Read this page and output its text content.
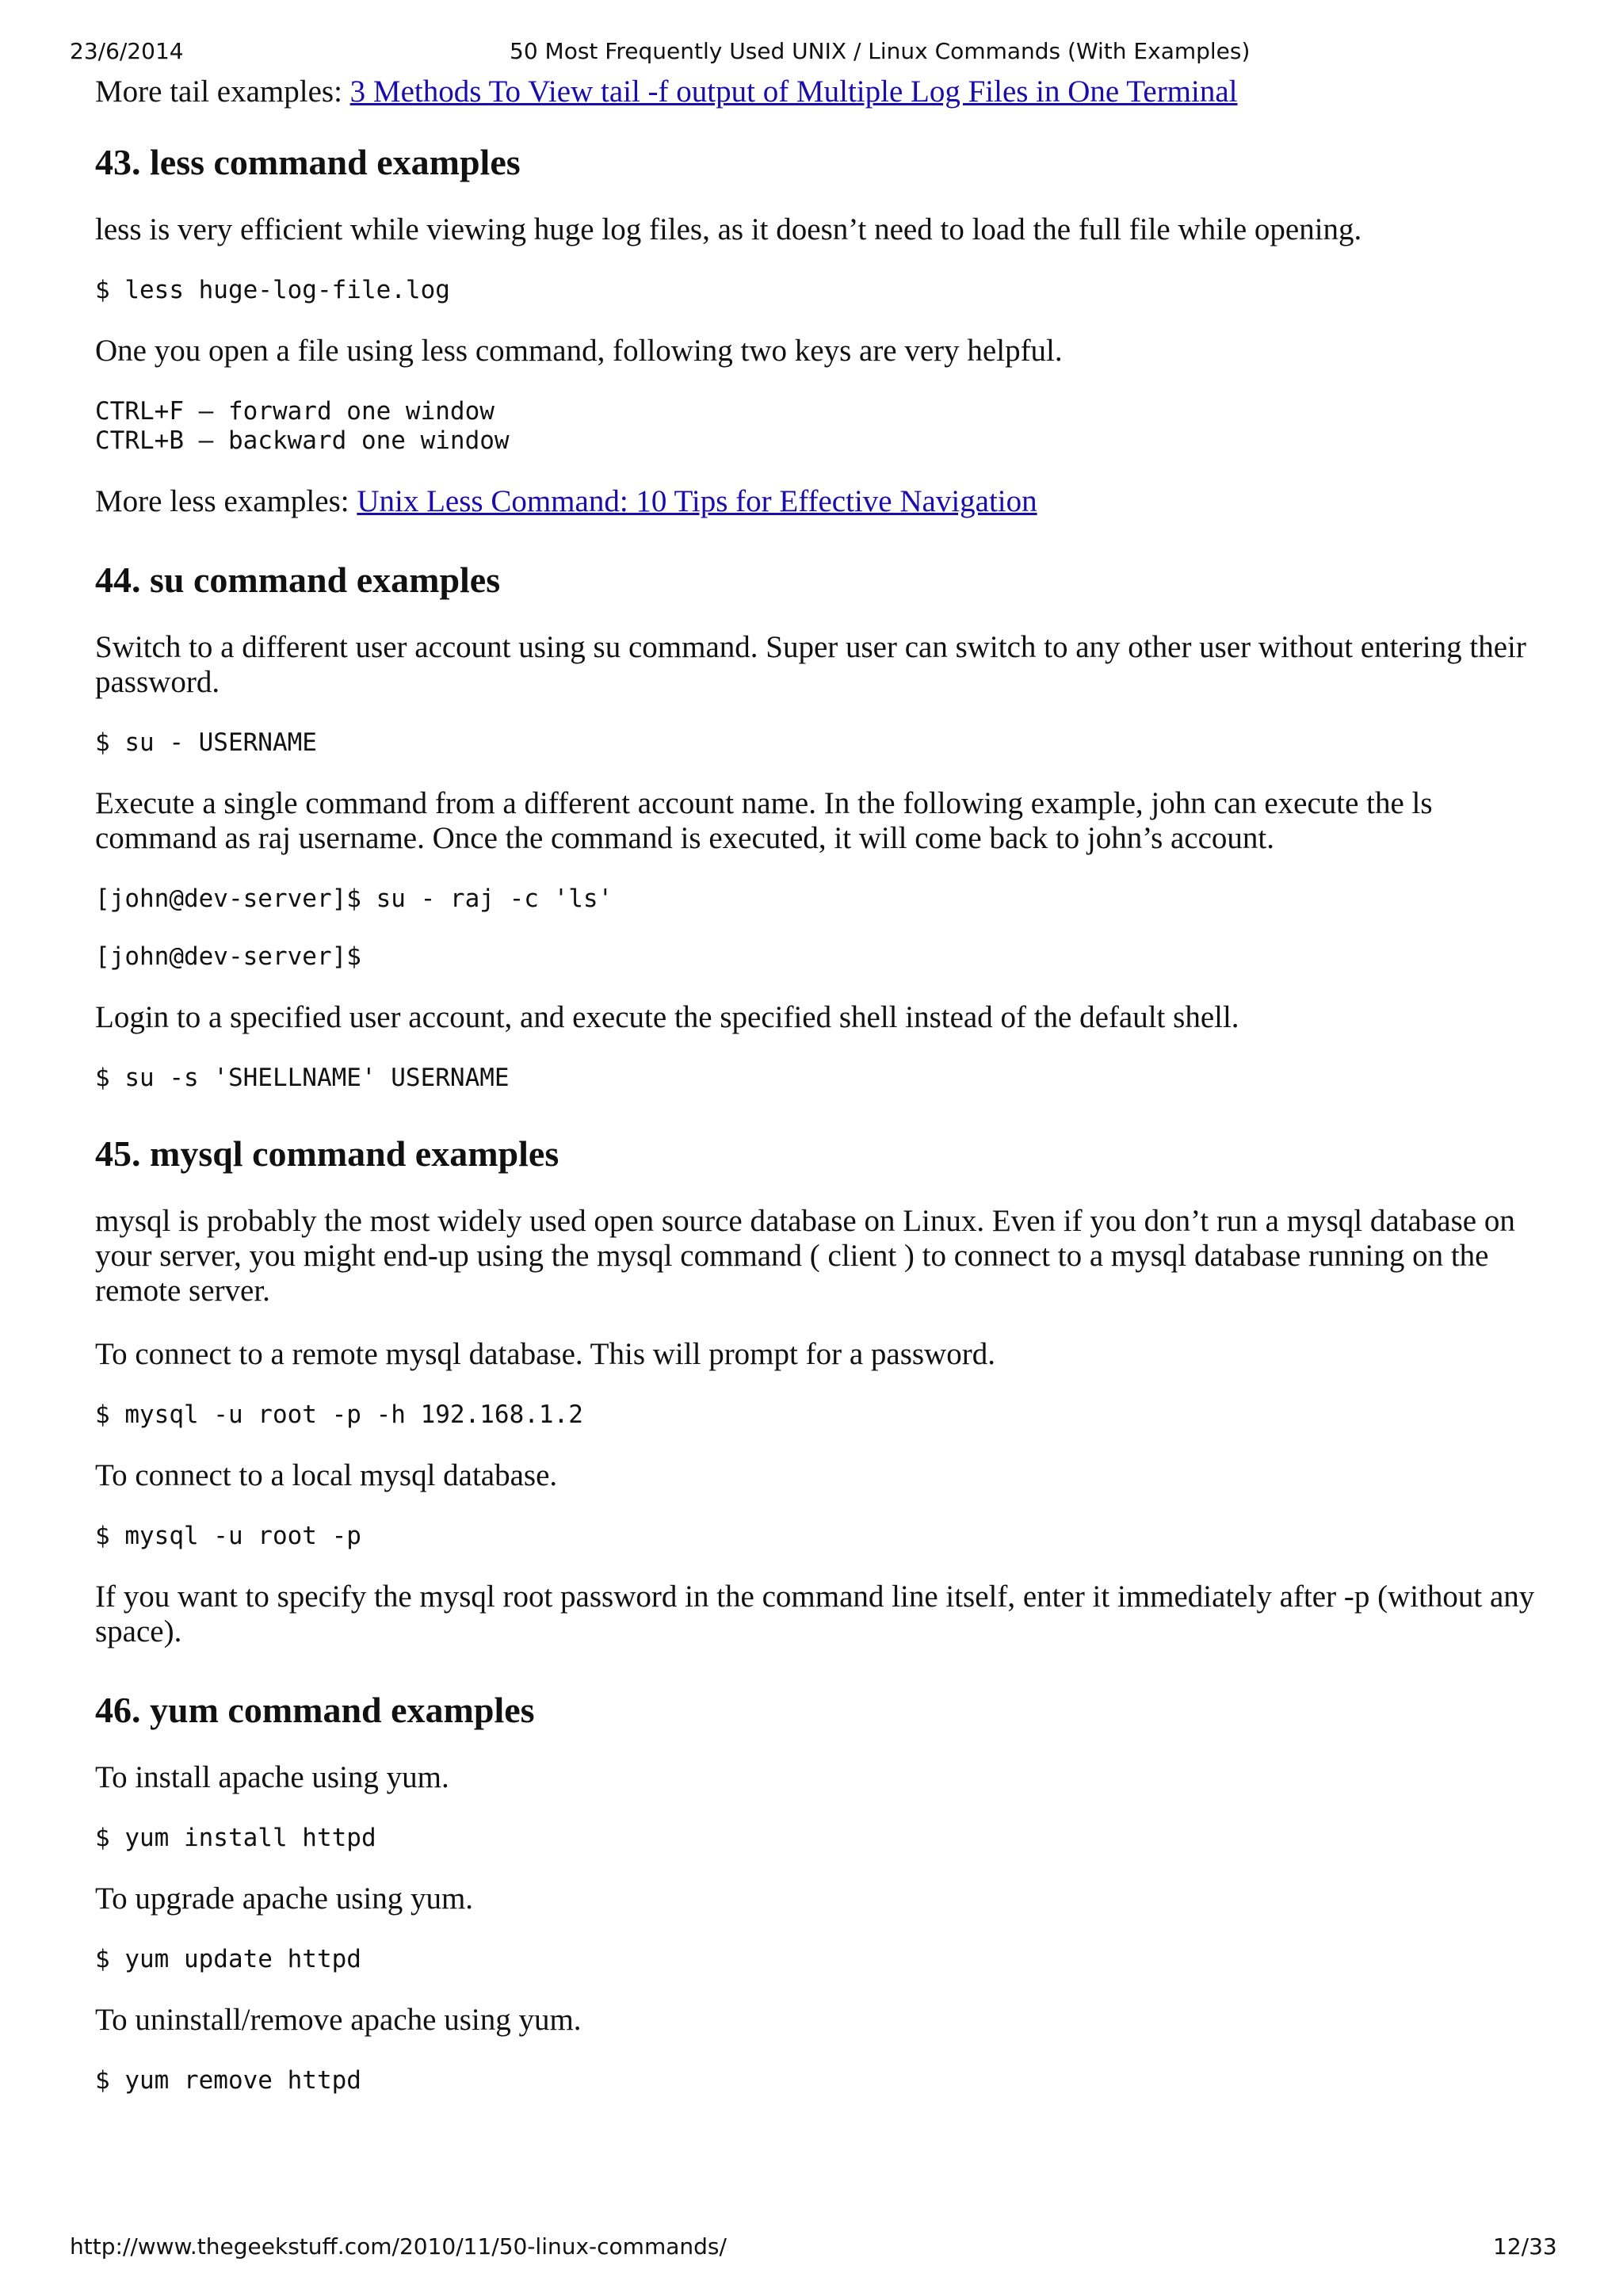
23/6/2014	50 Most Frequently Used UNIX / Linux Commands (With Examples)

More tail examples: 3 Methods To View tail -f output of Multiple Log Files in One Terminal

43. less command examples

less is very efficient while viewing huge log files, as it doesn’t need to load the full file while opening.

$ less huge-log-file.log

One you open a file using less command, following two keys are very helpful.

CTRL+F – forward one window
CTRL+B – backward one window

More less examples: Unix Less Command: 10 Tips for Effective Navigation

44. su command examples

Switch to a different user account using su command. Super user can switch to any other user without entering their password.

$ su - USERNAME

Execute a single command from a different account name. In the following example, john can execute the ls command as raj username. Once the command is executed, it will come back to john’s account.

[john@dev-server]$ su - raj -c 'ls'
[john@dev-server]$

Login to a specified user account, and execute the specified shell instead of the default shell.

$ su -s 'SHELLNAME' USERNAME
45. mysql command examples

mysql is probably the most widely used open source database on Linux. Even if you don’t run a mysql database on your server, you might end-up using the mysql command ( client ) to connect to a mysql database running on the remote server.

To connect to a remote mysql database. This will prompt for a password.

$ mysql -u root -p -h 192.168.1.2

To connect to a local mysql database.

$ mysql -u root -p

If you want to specify the mysql root password in the command line itself, enter it immediately after -p (without any space).

46. yum command examples

To install apache using yum.

$ yum install httpd

To upgrade apache using yum.

$ yum update httpd

To uninstall/remove apache using yum.

$ yum remove httpd
http://www.thegeekstuff.com/2010/11/50-linux-commands/	12/33
